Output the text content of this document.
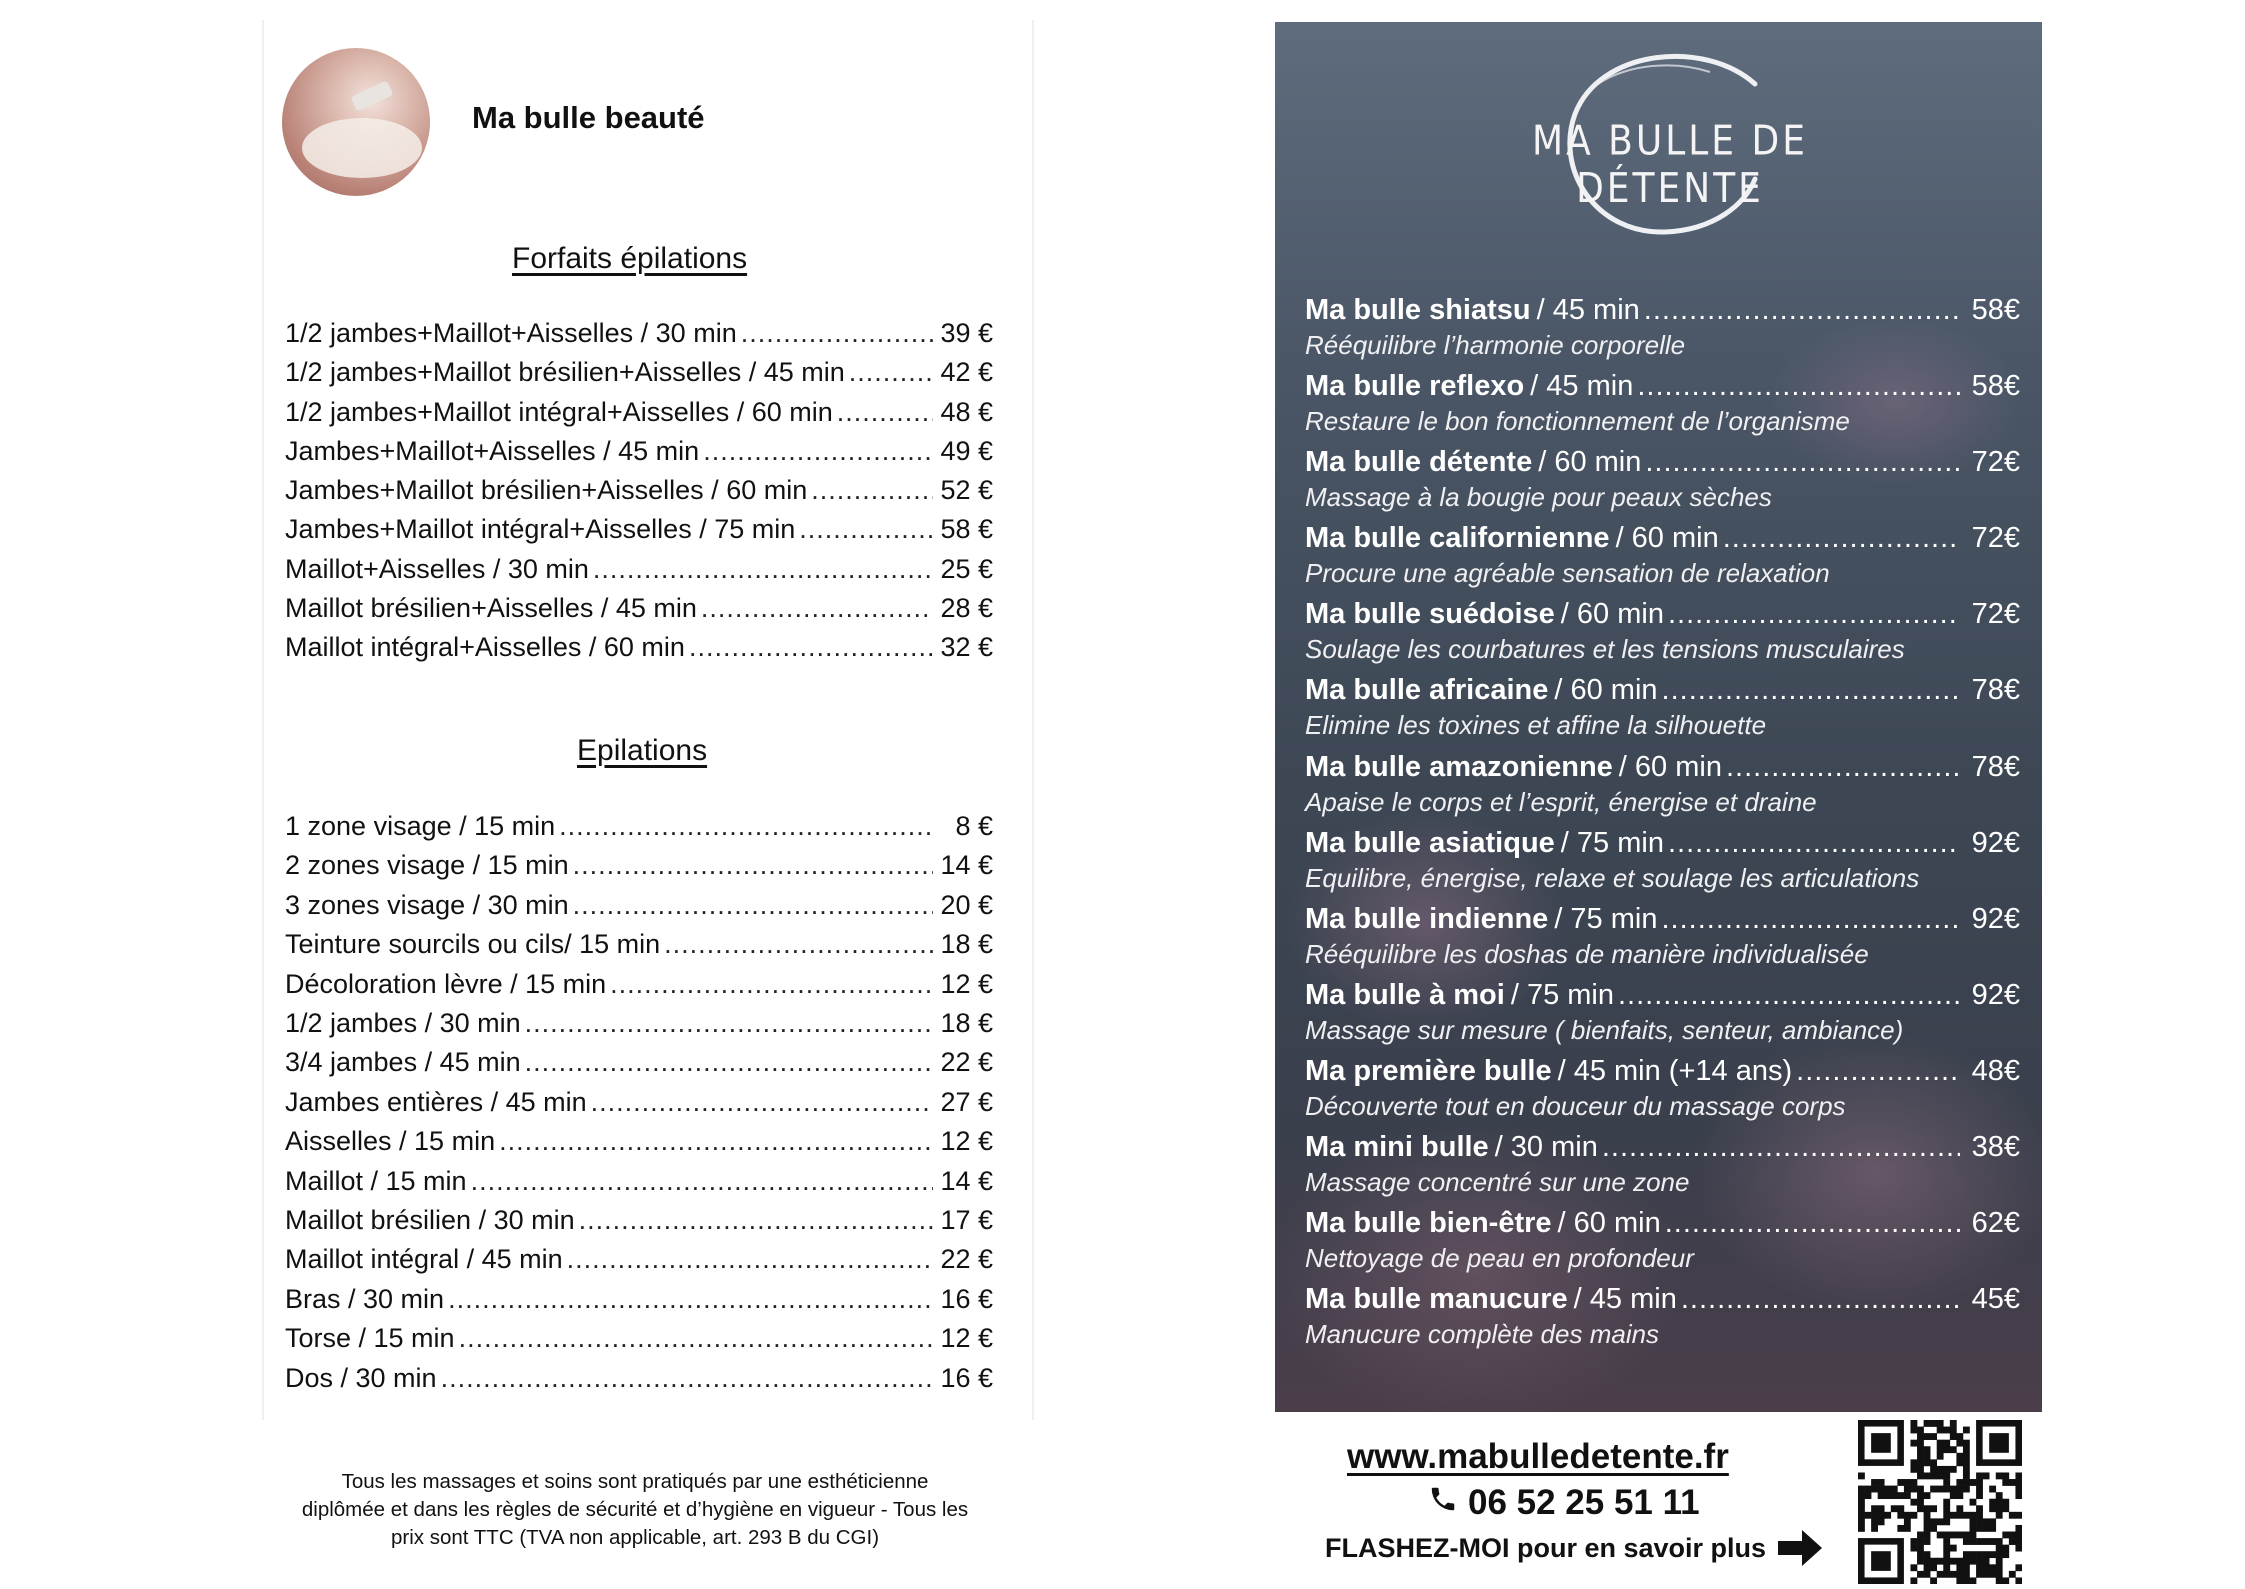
Ma bulle beauté
Forfaits épilations
1/2 jambes+Maillot+Aisselles / 30 min .....	39 €
1/2 jambes+Maillot brésilien+Aisselles / 45 min .....	42 €
1/2 jambes+Maillot intégral+Aisselles / 60 min .....	48 €
Jambes+Maillot+Aisselles / 45 min .....	49 €
Jambes+Maillot brésilien+Aisselles / 60 min .....	52 €
Jambes+Maillot intégral+Aisselles / 75 min .....	58 €
Maillot+Aisselles / 30 min .....	25 €
Maillot brésilien+Aisselles / 45 min .....	28 €
Maillot intégral+Aisselles / 60 min .....	32 €
Epilations
1 zone visage / 15 min .....	8 €
2 zones visage / 15 min .....	14 €
3 zones visage / 30 min .....	20 €
Teinture sourcils ou cils/ 15 min .....	18 €
Décoloration lèvre / 15 min .....	12 €
1/2 jambes / 30 min .....	18 €
3/4 jambes / 45 min .....	22 €
Jambes entières / 45 min .....	27 €
Aisselles / 15 min .....	12 €
Maillot / 15 min .....	14 €
Maillot brésilien / 30 min .....	17 €
Maillot intégral / 45 min .....	22 €
Bras / 30 min .....	16 €
Torse / 15 min .....	12 €
Dos / 30 min .....	16 €
Tous les massages et soins sont pratiqués par une esthéticienne diplômée et dans les règles de sécurité et d’hygiène en vigueur - Tous les prix sont TTC (TVA non applicable, art. 293 B du CGI)
MA BULLE DE DÉTENTE
Ma bulle shiatsu / 45 min .....	58€
Rééquilibre l’harmonie corporelle
Ma bulle reflexo / 45 min .....	58€
Restaure le bon fonctionnement de l’organisme
Ma bulle détente / 60 min .....	72€
Massage à la bougie pour peaux sèches
Ma bulle californienne / 60 min .....	72€
Procure une agréable sensation de relaxation
Ma bulle suédoise / 60 min .....	72€
Soulage les courbatures et les tensions musculaires
Ma bulle africaine / 60 min .....	78€
Elimine les toxines et affine la silhouette
Ma bulle amazonienne / 60 min .....	78€
Apaise le corps et l’esprit, énergise et draine
Ma bulle asiatique / 75 min .....	92€
Equilibre, énergise, relaxe et soulage les articulations
Ma bulle indienne / 75 min .....	92€
Rééquilibre les doshas de manière individualisée
Ma bulle à moi / 75 min .....	92€
Massage sur mesure ( bienfaits, senteur, ambiance)
Ma première bulle / 45 min (+14 ans) .....	48€
Découverte tout en douceur du massage corps
Ma mini bulle / 30 min .....	38€
Massage concentré sur une zone
Ma bulle bien-être / 60 min .....	62€
Nettoyage de peau en profondeur
Ma bulle manucure / 45 min .....	45€
Manucure complète des mains
www.mabulledetente.fr
06 52 25 51 11
FLASHEZ-MOI pour en savoir plus
